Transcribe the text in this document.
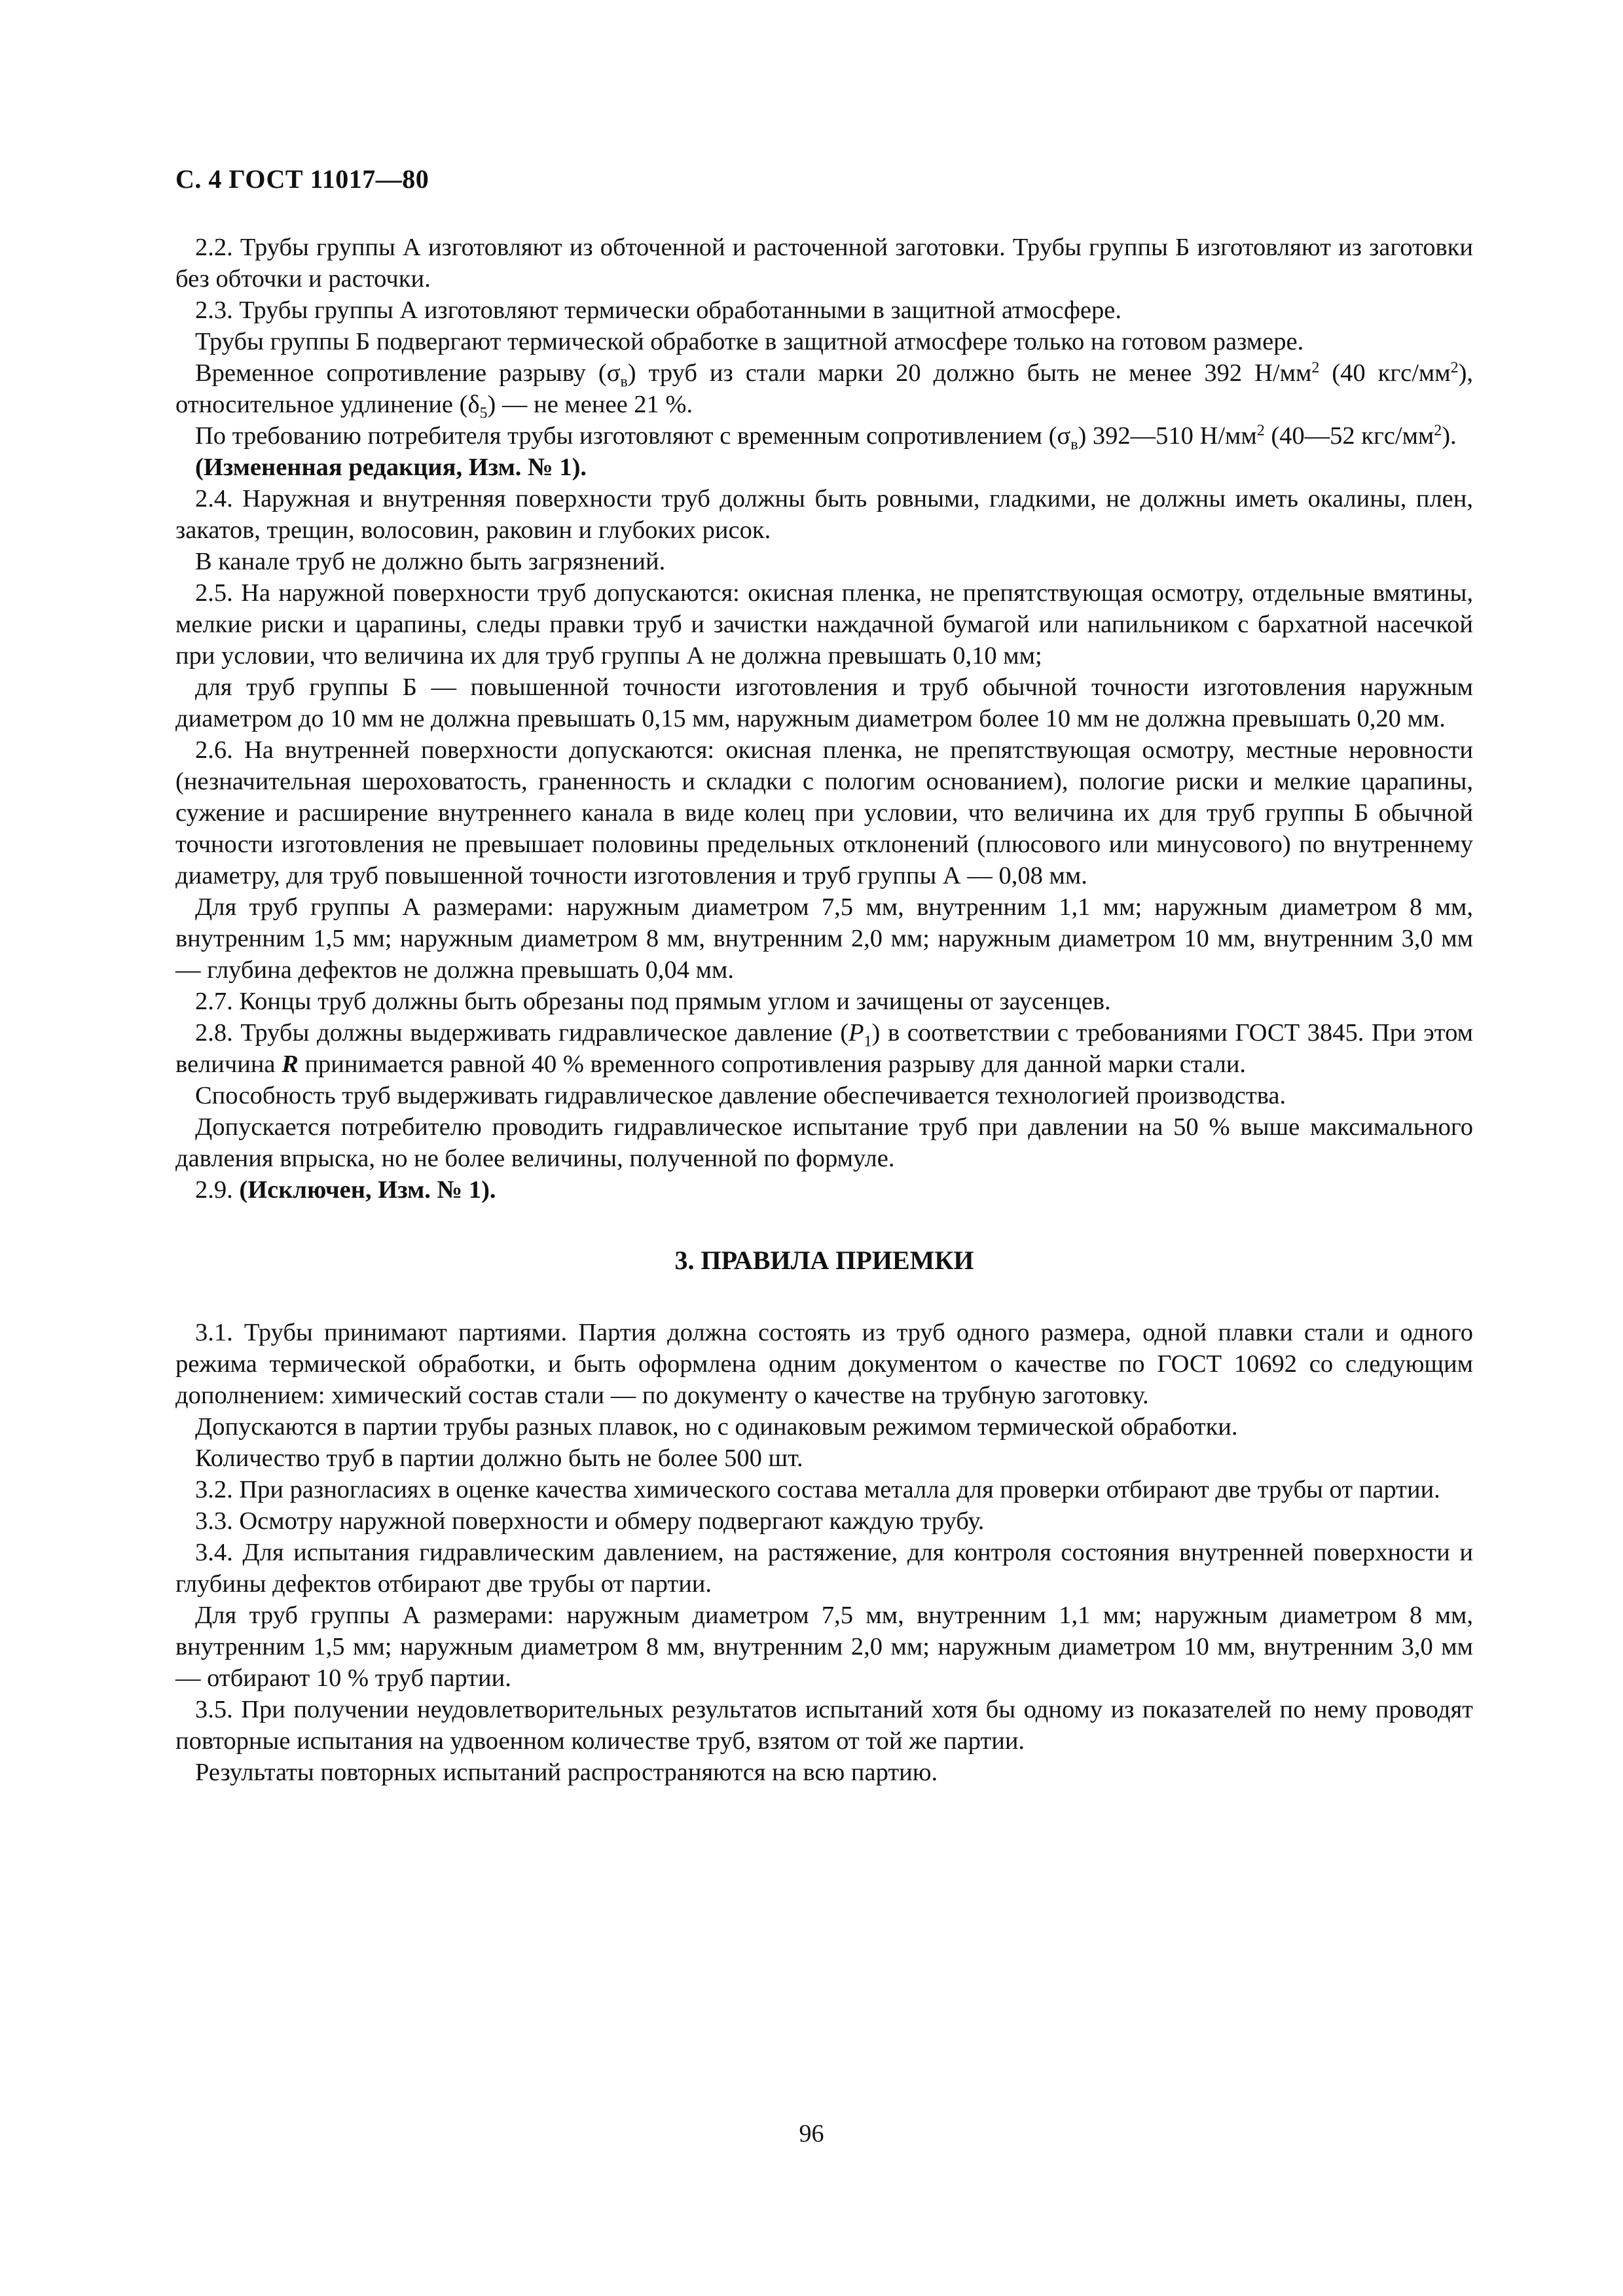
С. 4 ГОСТ 11017—80

2.2. Трубы группы А изготовляют из обточенной и расточенной заготовки. Трубы группы Б изготовляют из заготовки без обточки и расточки.

2.3. Трубы группы А изготовляют термически обработанными в защитной атмосфере.

Трубы группы Б подвергают термической обработке в защитной атмосфере только на готовом размере.

Временное сопротивление разрыву $(\sigma_в)$ труб из стали марки 20 должно быть не менее 392 $Н/мм^2$ (40 кгс/$мм^2$), относительное удлинение $(\delta_5)$ — не менее 21 %.

По требованию потребителя трубы изготовляют с временным сопротивлением $(\sigma_в)$ 392—510 $Н/мм^2$ (40—52 кгс/$мм^2$).

(Измененная редакция, Изм. № 1).

2.4. Наружная и внутренняя поверхности труб должны быть ровными, гладкими, не должны иметь окалины, плен, закатов, трещин, волосовин, раковин и глубоких рисок.

В канале труб не должно быть загрязнений.

2.5. На наружной поверхности труб допускаются: окисная пленка, не препятствующая осмотру, отдельные вмятины, мелкие риски и царапины, следы правки труб и зачистки наждачной бумагой или напильником с бархатной насечкой при условии, что величина их для труб группы А не должна превышать 0,10 мм;

для труб группы Б — повышенной точности изготовления и труб обычной точности изготовления наружным диаметром до 10 мм не должна превышать 0,15 мм, наружным диаметром более 10 мм не должна превышать 0,20 мм.

2.6. На внутренней поверхности допускаются: окисная пленка, не препятствующая осмотру, местные неровности (незначительная шероховатость, граненность и складки с пологим основанием), пологие риски и мелкие царапины, сужение и расширение внутреннего канала в виде колец при условии, что величина их для труб группы Б обычной точности изготовления не превышает половины предельных отклонений (плюсового или минусового) по внутреннему диаметру, для труб повышенной точности изготовления и труб группы А — 0,08 мм.

Для труб группы А размерами: наружным диаметром 7,5 мм, внутренним 1,1 мм; наружным диаметром 8 мм, внутренним 1,5 мм; наружным диаметром 8 мм, внутренним 2,0 мм; наружным диаметром 10 мм, внутренним 3,0 мм — глубина дефектов не должна превышать 0,04 мм.

2.7. Концы труб должны быть обрезаны под прямым углом и зачищены от заусенцев.

2.8. Трубы должны выдерживать гидравлическое давление $(P_1)$ в соответствии с требованиями ГОСТ 3845. При этом величина R принимается равной 40 % временного сопротивления разрыву для данной марки стали.

Способность труб выдерживать гидравлическое давление обеспечивается технологией производства.

Допускается потребителю проводить гидравлическое испытание труб при давлении на 50 % выше максимального давления впрыска, но не более величины, полученной по формуле.

2.9. (Исключен, Изм. № 1).

3. ПРАВИЛА ПРИЕМКИ

3.1. Трубы принимают партиями. Партия должна состоять из труб одного размера, одной плавки стали и одного режима термической обработки, и быть оформлена одним документом о качестве по ГОСТ 10692 со следующим дополнением: химический состав стали — по документу о качестве на трубную заготовку.

Допускаются в партии трубы разных плавок, но с одинаковым режимом термической обработки.

Количество труб в партии должно быть не более 500 шт.

3.2. При разногласиях в оценке качества химического состава металла для проверки отбирают две трубы от партии.

3.3. Осмотру наружной поверхности и обмеру подвергают каждую трубу.

3.4. Для испытания гидравлическим давлением, на растяжение, для контроля состояния внутренней поверхности и глубины дефектов отбирают две трубы от партии.

Для труб группы А размерами: наружным диаметром 7,5 мм, внутренним 1,1 мм; наружным диаметром 8 мм, внутренним 1,5 мм; наружным диаметром 8 мм, внутренним 2,0 мм; наружным диаметром 10 мм, внутренним 3,0 мм — отбирают 10 % труб партии.

3.5. При получении неудовлетворительных результатов испытаний хотя бы одному из показателей по нему проводят повторные испытания на удвоенном количестве труб, взятом от той же партии.

Результаты повторных испытаний распространяются на всю партию.

96
